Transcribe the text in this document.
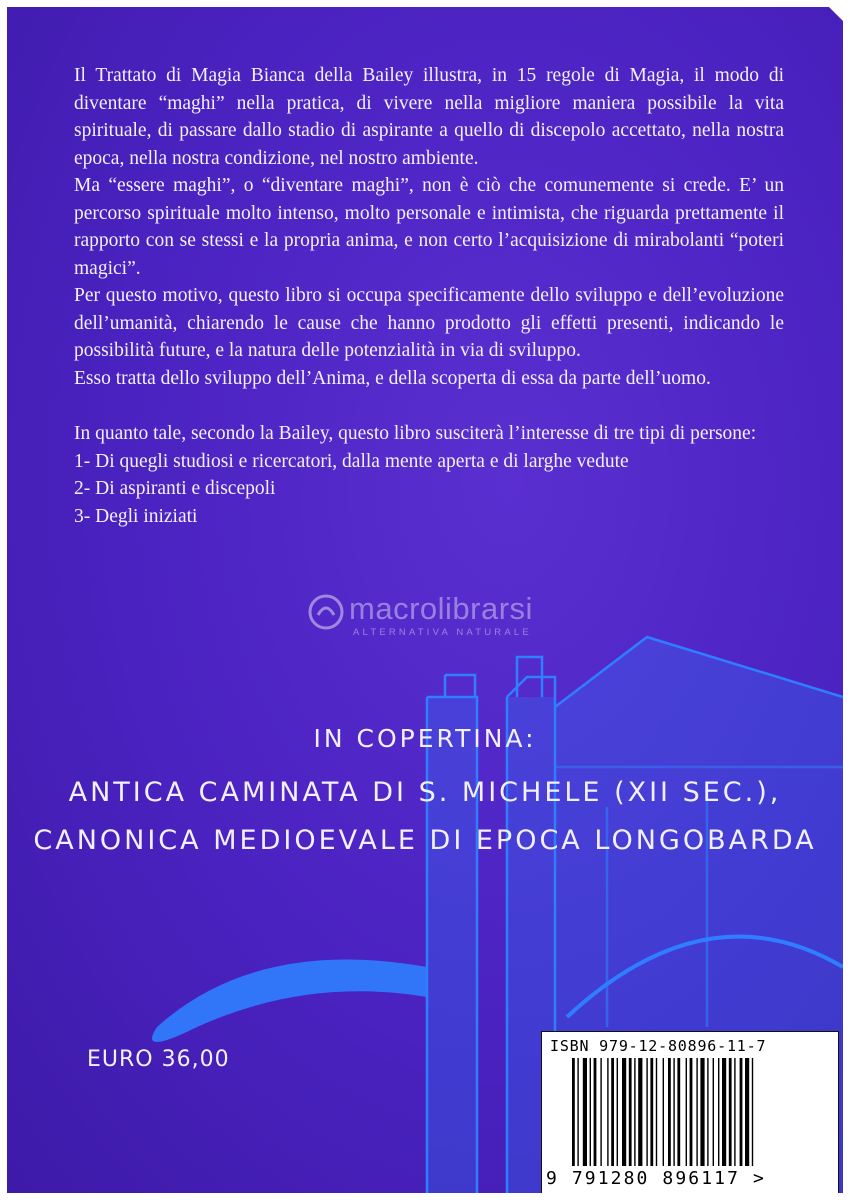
Il Trattato di Magia Bianca della Bailey illustra, in 15 regole di Magia, il modo di diventare “maghi” nella pratica, di vivere nella migliore maniera possibile la vita spirituale, di passare dallo stadio di aspirante a quello di discepolo accettato, nella nostra epoca, nella nostra condizione, nel nostro ambiente.

Ma “essere maghi”, o “diventare maghi”, non è ciò che comunemente si crede. E’ un percorso spirituale molto intenso, molto personale e intimista, che riguarda prettamente il rapporto con se stessi e la propria anima, e non certo l’acquisizione di mirabolanti “poteri magici”.

Per questo motivo, questo libro si occupa specificamente dello sviluppo e dell’evoluzione dell’umanità, chiarendo le cause che hanno prodotto gli effetti presenti, indicando le possibilità future, e la natura delle potenzialità in via di sviluppo.

Esso tratta dello sviluppo dell’Anima, e della scoperta di essa da parte dell’uomo.

In quanto tale, secondo la Bailey, questo libro susciterà l’interesse di tre tipi di persone:

1- Di quegli studiosi e ricercatori, dalla mente aperta e di larghe vedute

2- Di aspiranti e discepoli

3- Degli iniziati

macrolibrarsi
ALTERNATIVA NATURALE
IN COPERTINA:
ANTICA CAMINATA DI S. MICHELE (XII SEC.),
CANONICA MEDIOEVALE DI EPOCA LONGOBARDA
EURO 36,00
ISBN 979-12-80896-11-7
9 791280 896117 >
